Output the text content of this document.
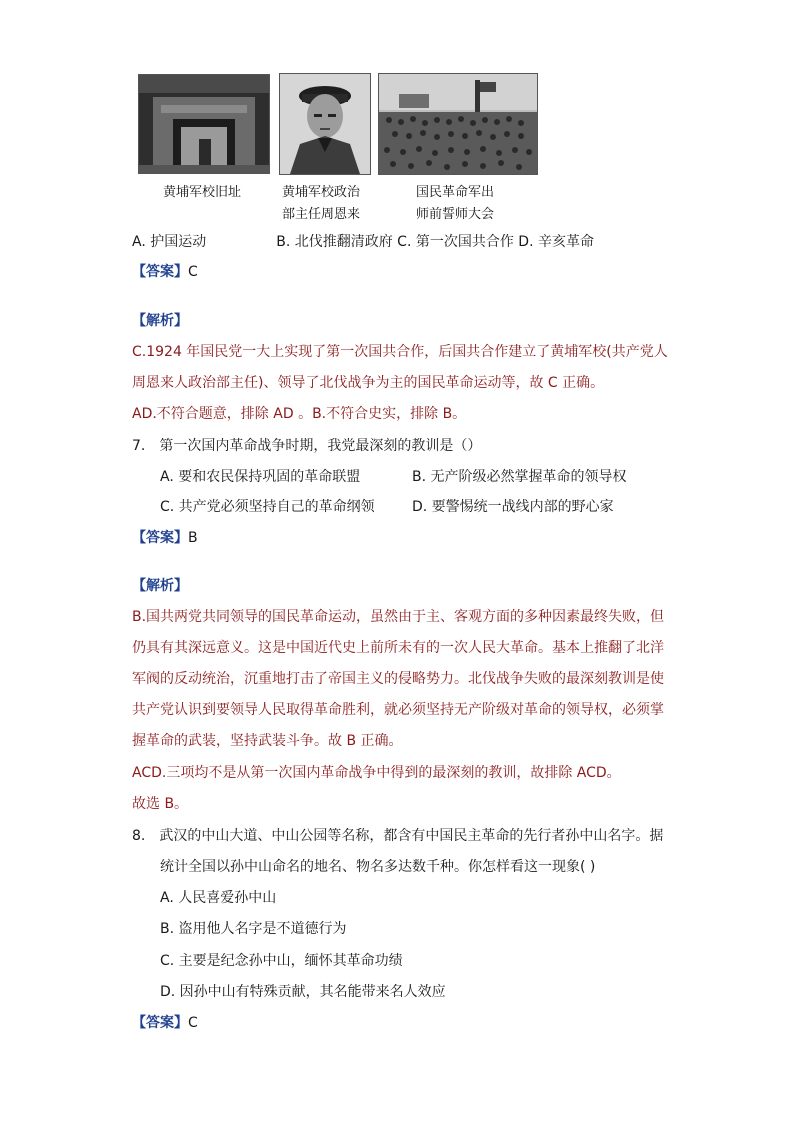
黄埔军校旧址	黄埔军校政治
部主任周恩来
国民革命军出
师前誓师大会
A. 护国运动　　　　　B. 北伐推翻清政府 C. 第一次国共合作 D. 辛亥革命
【答案】C
【解析】
C.1924 年国民党一大上实现了第一次国共合作，后国共合作建立了黄埔军校(共产党人
周恩来人政治部主任)、领导了北伐战争为主的国民革命运动等，故 C 正确。
AD.不符合题意，排除 AD 。B.不符合史实，排除 B。
7. 第一次国内革命战争时期，我党最深刻的教训是（）
A. 要和农民保持巩固的革命联盟	B. 无产阶级必然掌握革命的领导权
C. 共产党必须坚持自己的革命纲领	D. 要警惕统一战线内部的野心家
【答案】B
【解析】
B.国共两党共同领导的国民革命运动，虽然由于主、客观方面的多种因素最终失败，但
仍具有其深远意义。这是中国近代史上前所未有的一次人民大革命。基本上推翻了北洋
军阀的反动统治，沉重地打击了帝国主义的侵略势力。北伐战争失败的最深刻教训是使
共产党认识到要领导人民取得革命胜利，就必须坚持无产阶级对革命的领导权，必须掌
握革命的武装，坚持武装斗争。故 B 正确。
ACD.三项均不是从第一次国内革命战争中得到的最深刻的教训，故排除 ACD。
故选 B。
8. 武汉的中山大道、中山公园等名称，都含有中国民主革命的先行者孙中山名字。据
统计全国以孙中山命名的地名、物名多达数千种。你怎样看这一现象( )
A. 人民喜爱孙中山
B. 盗用他人名字是不道德行为
C. 主要是纪念孙中山，缅怀其革命功绩
D. 因孙中山有特殊贡献，其名能带来名人效应
【答案】C
